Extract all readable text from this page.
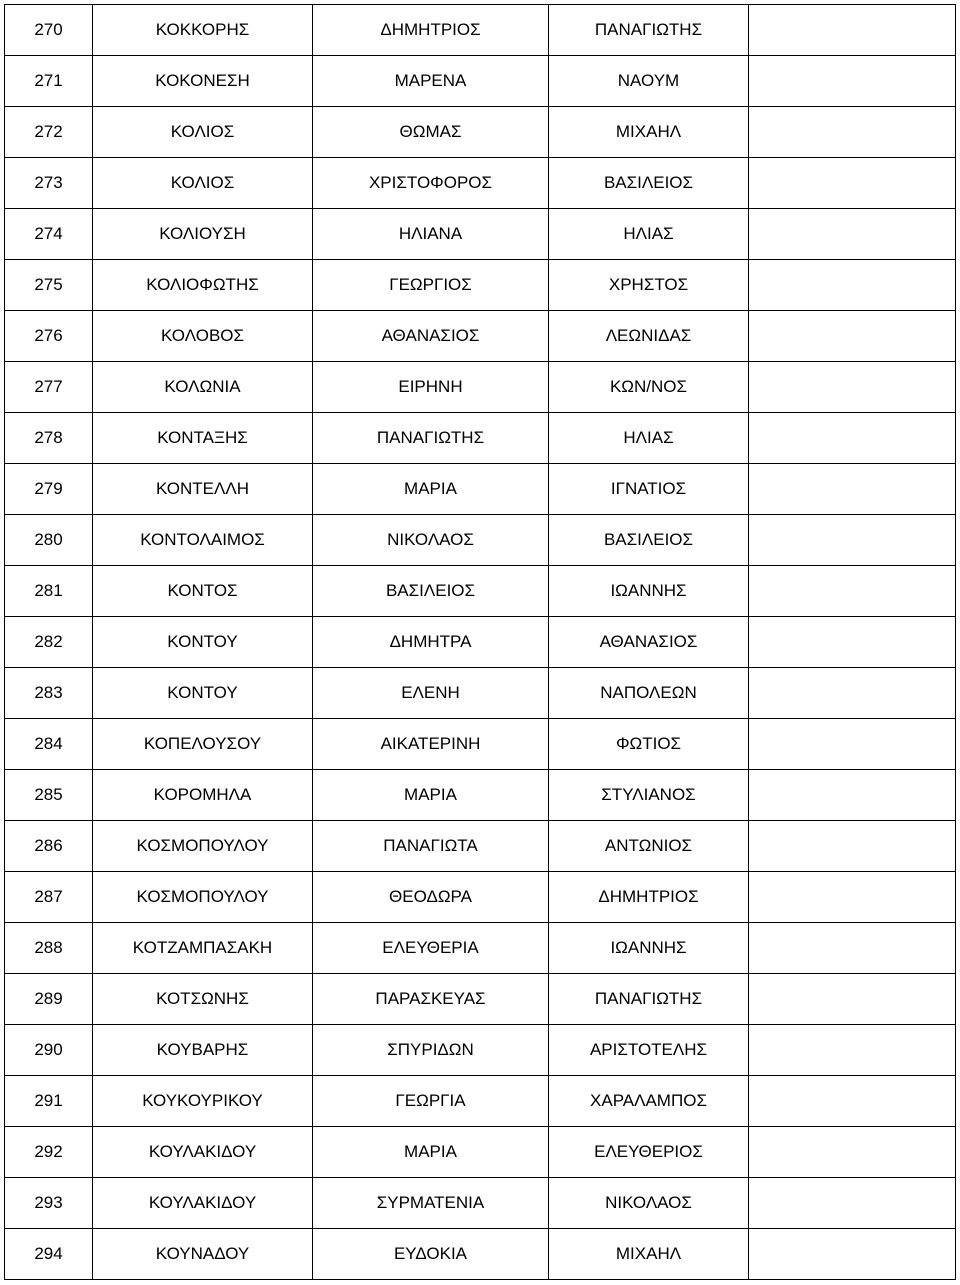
270	ΚΟΚΚΟΡΗΣ	ΔΗΜΗΤΡΙΟΣ	ΠΑΝΑΓΙΩΤΗΣ	
271	ΚΟΚΟΝΕΣΗ	ΜΑΡΕΝΑ	ΝΑΟΥΜ	
272	ΚΟΛΙΟΣ	ΘΩΜΑΣ	ΜΙΧΑΗΛ	
273	ΚΟΛΙΟΣ	ΧΡΙΣΤΟΦΟΡΟΣ	ΒΑΣΙΛΕΙΟΣ	
274	ΚΟΛΙΟΥΣΗ	ΗΛΙΑΝΑ	ΗΛΙΑΣ	
275	ΚΟΛΙΟΦΩΤΗΣ	ΓΕΩΡΓΙΟΣ	ΧΡΗΣΤΟΣ	
276	ΚΟΛΟΒΟΣ	ΑΘΑΝΑΣΙΟΣ	ΛΕΩΝΙΔΑΣ	
277	ΚΟΛΩΝΙΑ	ΕΙΡΗΝΗ	ΚΩΝ/ΝΟΣ	
278	ΚΟΝΤΑΞΗΣ	ΠΑΝΑΓΙΩΤΗΣ	ΗΛΙΑΣ	
279	ΚΟΝΤΕΛΛΗ	ΜΑΡΙΑ	ΙΓΝΑΤΙΟΣ	
280	ΚΟΝΤΟΛΑΙΜΟΣ	ΝΙΚΟΛΑΟΣ	ΒΑΣΙΛΕΙΟΣ	
281	ΚΟΝΤΟΣ	ΒΑΣΙΛΕΙΟΣ	ΙΩΑΝΝΗΣ	
282	ΚΟΝΤΟΥ	ΔΗΜΗΤΡΑ	ΑΘΑΝΑΣΙΟΣ	
283	ΚΟΝΤΟΥ	ΕΛΕΝΗ	ΝΑΠΟΛΕΩΝ	
284	ΚΟΠΕΛΟΥΣΟΥ	ΑΙΚΑΤΕΡΙΝΗ	ΦΩΤΙΟΣ	
285	ΚΟΡΟΜΗΛΑ	ΜΑΡΙΑ	ΣΤΥΛΙΑΝΟΣ	
286	ΚΟΣΜΟΠΟΥΛΟΥ	ΠΑΝΑΓΙΩΤΑ	ΑΝΤΩΝΙΟΣ	
287	ΚΟΣΜΟΠΟΥΛΟΥ	ΘΕΟΔΩΡΑ	ΔΗΜΗΤΡΙΟΣ	
288	ΚΟΤΖΑΜΠΑΣΑΚΗ	ΕΛΕΥΘΕΡΙΑ	ΙΩΑΝΝΗΣ	
289	ΚΟΤΣΩΝΗΣ	ΠΑΡΑΣΚΕΥΑΣ	ΠΑΝΑΓΙΩΤΗΣ	
290	ΚΟΥΒΑΡΗΣ	ΣΠΥΡΙΔΩΝ	ΑΡΙΣΤΟΤΕΛΗΣ	
291	ΚΟΥΚΟΥΡΙΚΟΥ	ΓΕΩΡΓΙΑ	ΧΑΡΑΛΑΜΠΟΣ	
292	ΚΟΥΛΑΚΙΔΟΥ	ΜΑΡΙΑ	ΕΛΕΥΘΕΡΙΟΣ	
293	ΚΟΥΛΑΚΙΔΟΥ	ΣΥΡΜΑΤΕΝΙΑ	ΝΙΚΟΛΑΟΣ	
294	ΚΟΥΝΑΔΟΥ	ΕΥΔΟΚΙΑ	ΜΙΧΑΗΛ	
